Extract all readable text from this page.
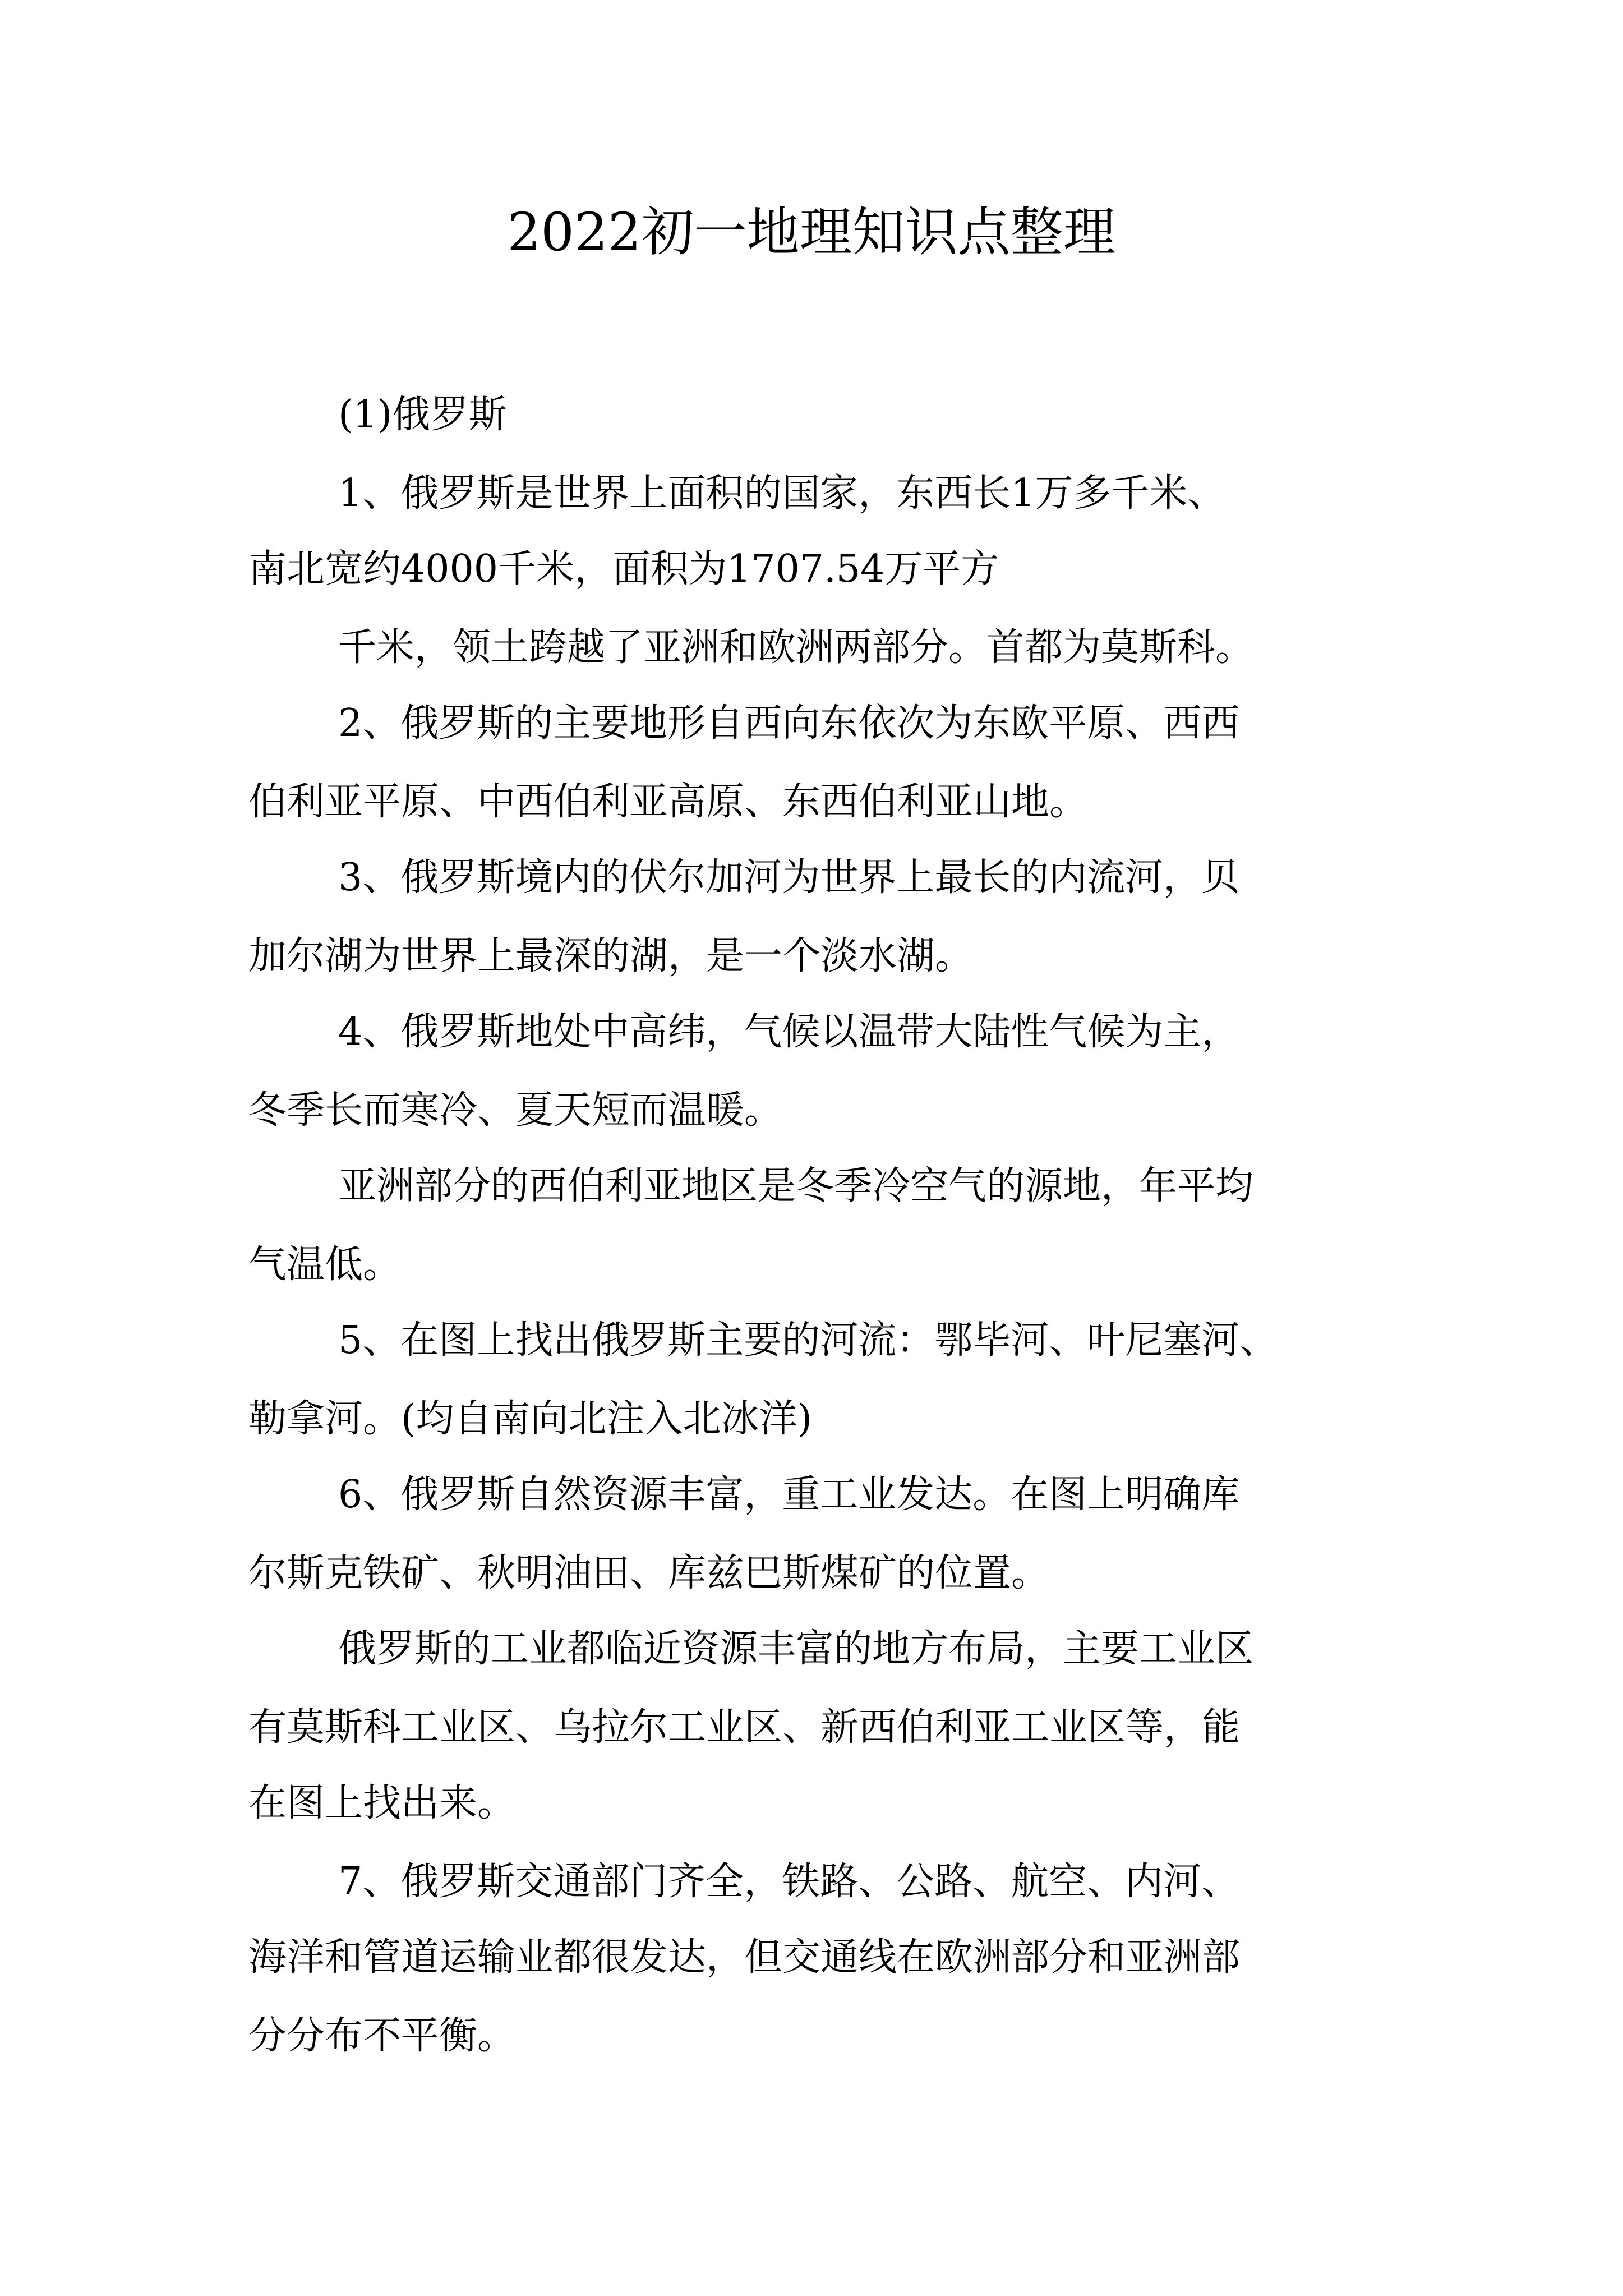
2022初一地理知识点整理

(1)俄罗斯

1、俄罗斯是世界上面积的国家，东西长1万多千米、

南北宽约4000千米，面积为1707.54万平方

千米，领土跨越了亚洲和欧洲两部分。首都为莫斯科。

2、俄罗斯的主要地形自西向东依次为东欧平原、西西

伯利亚平原、中西伯利亚高原、东西伯利亚山地。

3、俄罗斯境内的伏尔加河为世界上最长的内流河，贝

加尔湖为世界上最深的湖，是一个淡水湖。

4、俄罗斯地处中高纬，气候以温带大陆性气候为主，

冬季长而寒冷、夏天短而温暖。

亚洲部分的西伯利亚地区是冬季冷空气的源地，年平均

气温低。

5、在图上找出俄罗斯主要的河流：鄂毕河、叶尼塞河、

勒拿河。(均自南向北注入北冰洋)

6、俄罗斯自然资源丰富，重工业发达。在图上明确库

尔斯克铁矿、秋明油田、库兹巴斯煤矿的位置。

俄罗斯的工业都临近资源丰富的地方布局，主要工业区

有莫斯科工业区、乌拉尔工业区、新西伯利亚工业区等，能

在图上找出来。

7、俄罗斯交通部门齐全，铁路、公路、航空、内河、

海洋和管道运输业都很发达，但交通线在欧洲部分和亚洲部

分分布不平衡。
